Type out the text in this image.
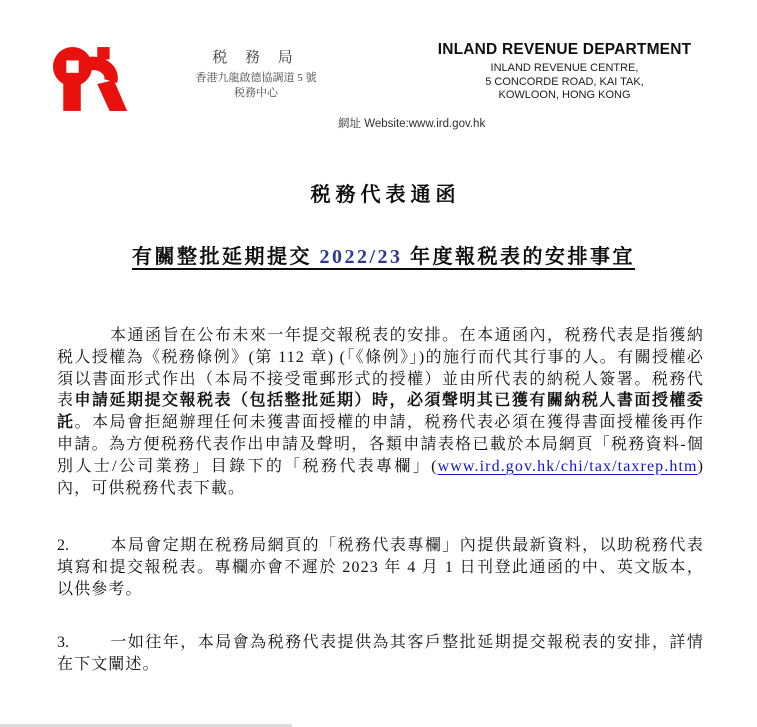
税 務 局
香港九龍啟德協調道 5 號
税務中心
INLAND REVENUE DEPARTMENT
INLAND REVENUE CENTRE,
5 CONCORDE ROAD, KAI TAK,
KOWLOON, HONG KONG
網址 Website:www.ird.gov.hk
税務代表通函
有關整批延期提交 2022/23 年度報税表的安排事宜

本通函旨在公布未來一年提交報税表的安排。在本通函內，税務代表是指獲納税人授權為《税務條例》(第 112 章) (「《條例》」)的施行而代其行事的人。有關授權必須以書面形式作出（本局不接受電郵形式的授權）並由所代表的納税人簽署。税務代表申請延期提交報税表（包括整批延期）時，必須聲明其已獲有關納税人書面授權委託。本局會拒絕辦理任何未獲書面授權的申請，税務代表必須在獲得書面授權後再作申請。為方便税務代表作出申請及聲明，各類申請表格已載於本局網頁「税務資料-個別人士/公司業務」目錄下的「税務代表專欄」(www.ird.gov.hk/chi/tax/taxrep.htm)內，可供税務代表下載。

2.	本局會定期在税務局網頁的「税務代表專欄」內提供最新資料，以助税務代表填寫和提交報税表。專欄亦會不遲於 2023 年 4 月 1 日刊登此通函的中、英文版本，以供參考。

3.	一如往年，本局會為税務代表提供為其客戶整批延期提交報税表的安排，詳情在下文闡述。
